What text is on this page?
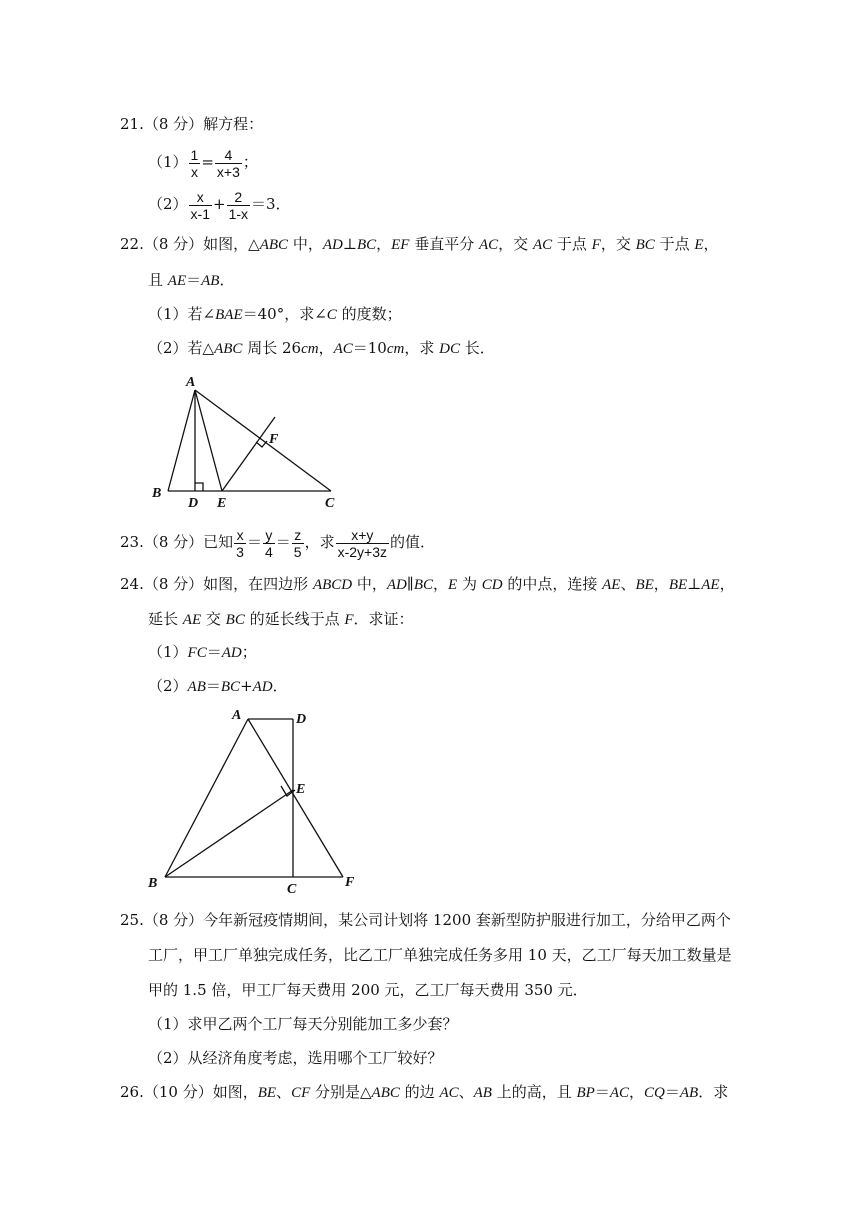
21.（8 分）解方程：
$(1) \frac{1}{x} = \frac{4}{x+3}$ ；
$(2) \frac{x}{x-1} + \frac{2}{1-x} =3$．
22.（8 分）如图，△ABC 中，AD⊥BC，EF 垂直平分 AC，交 AC 于点 F，交 BC 于点 E，
且 AE＝AB．
（1）若∠BAE＝40°，求∠C 的度数；
（2）若△ABC 周长 26cm，AC＝10cm，求 DC 长．
A
B
D E
F
C
23.（8 分）已知 $\frac{x}{3} = \frac{y}{4} = \frac{z}{5}$ ，求 $\frac{x+y}{x-2y+3z}$ 的值．
24.（8 分）如图，在四边形 ABCD 中，AD∥BC，E 为 CD 的中点，连接 AE、BE，BE⊥AE，
延长 AE 交 BC 的延长线于点 F．求证：
（1）FC＝AD；
（2）AB＝BC+AD．
A	D
E
B	C	F
25.（8 分）今年新冠疫情期间，某公司计划将 1200 套新型防护服进行加工，分给甲乙两个
工厂，甲工厂单独完成任务，比乙工厂单独完成任务多用 10 天，乙工厂每天加工数量是
甲的 1.5 倍，甲工厂每天费用 200 元，乙工厂每天费用 350 元．
（1）求甲乙两个工厂每天分别能加工多少套？
（2）从经济角度考虑，选用哪个工厂较好？
26.（10 分）如图，BE、CF 分别是△ABC 的边 AC、AB 上的高，且 BP＝AC，CQ＝AB．求
